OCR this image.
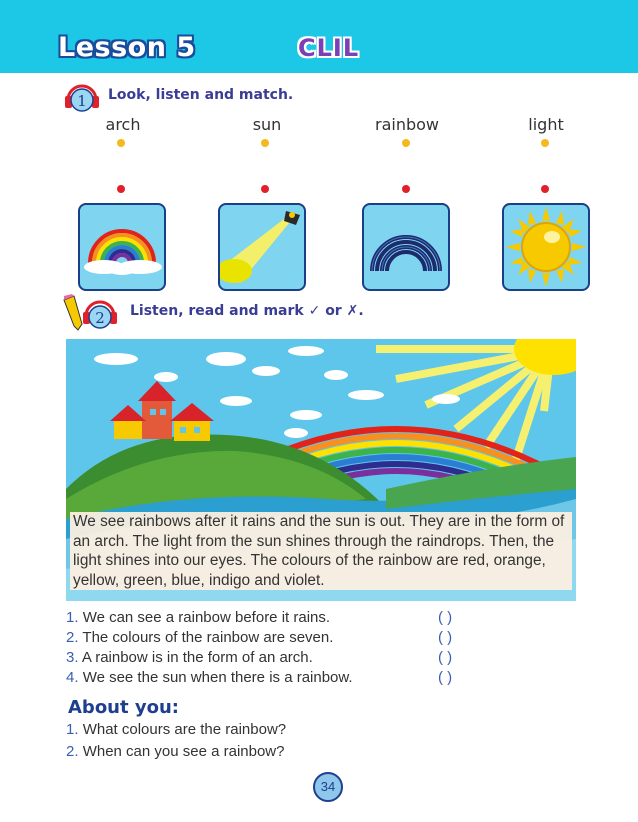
Lesson 5	CLIL
1 Look, listen and match.
arch	sun	rainbow	light
2 Listen, read and mark ✓ or ✗.
We see rainbows after it rains and the sun is out. They are in the form of an arch. The light from the sun shines through the raindrops. Then, the light shines into our eyes. The colours of the rainbow are red, orange, yellow, green, blue, indigo and violet.
1. We can see a rainbow before it rains.	( )
2. The colours of the rainbow are seven.	( )
3. A rainbow is in the form of an arch.	( )
4. We see the sun when there is a rainbow.	( )
About you:
1. What colours are the rainbow?
2. When can you see a rainbow?
34
